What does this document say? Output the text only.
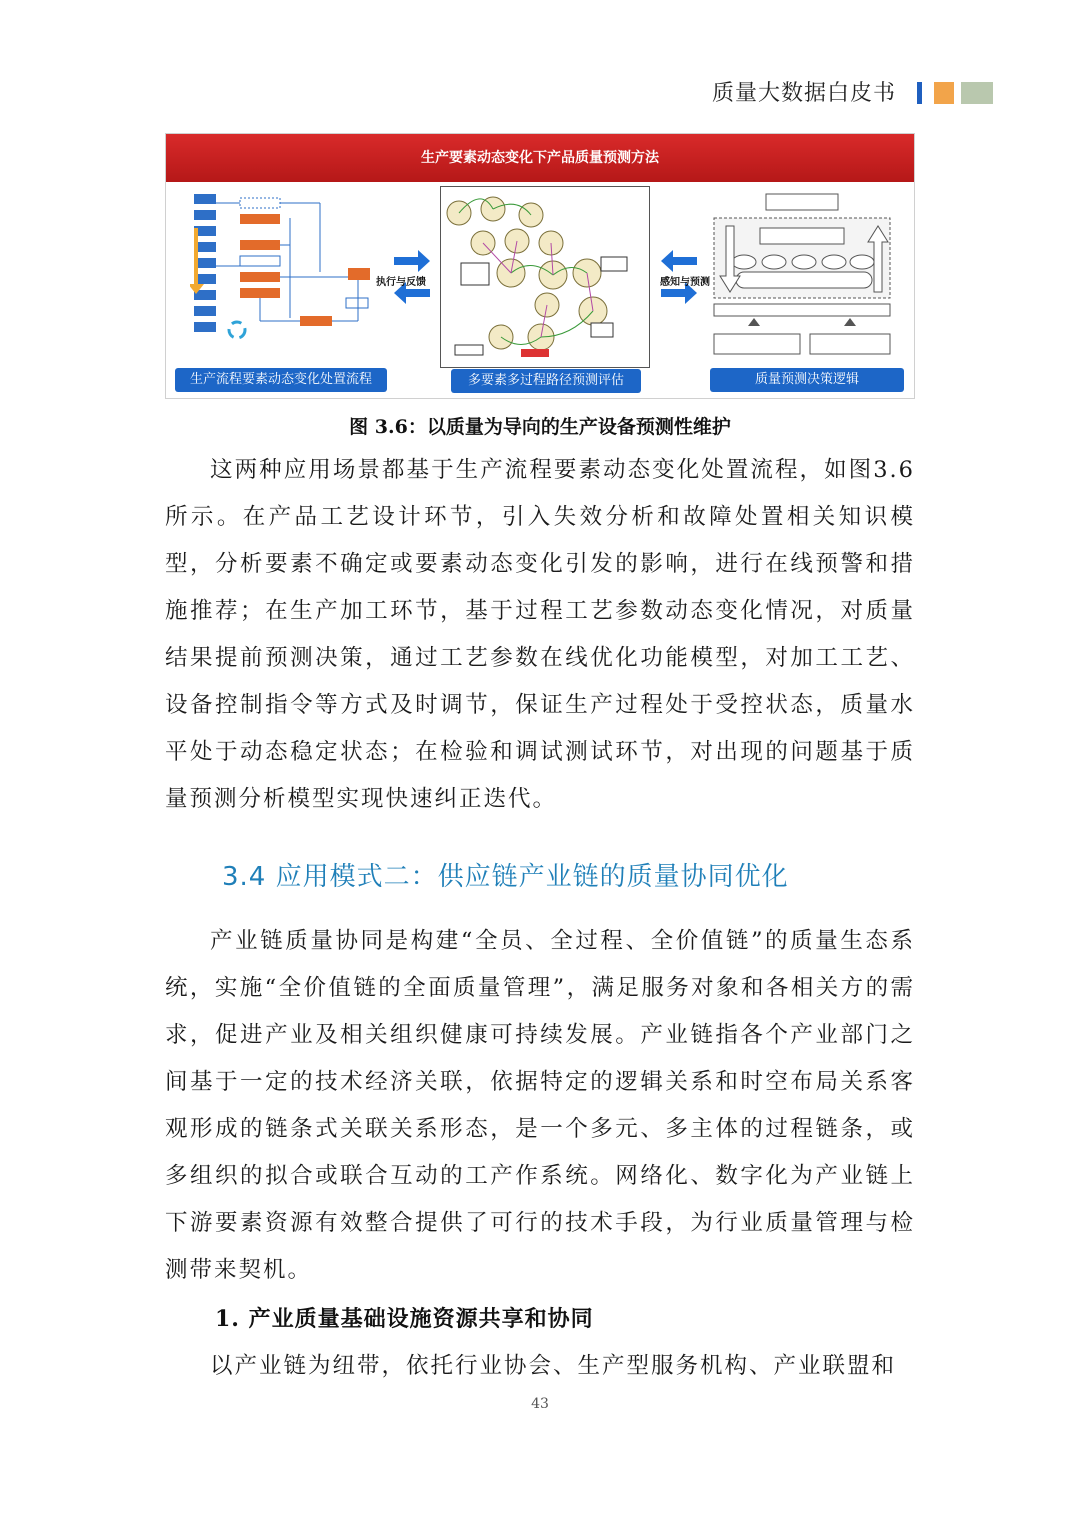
质量大数据白皮书
生产要素动态变化下产品质量预测方法
生产流程要素动态变化处置流程
执行与反馈
多要素多过程路径预测评估
感知与预测
质量预测决策逻辑
图 3.6：以质量为导向的生产设备预测性维护

这两种应用场景都基于生产流程要素动态变化处置流程，如图3.6所示。在产品工艺设计环节，引入失效分析和故障处置相关知识模型，分析要素不确定或要素动态变化引发的影响，进行在线预警和措施推荐；在生产加工环节，基于过程工艺参数动态变化情况，对质量结果提前预测决策，通过工艺参数在线优化功能模型，对加工工艺、设备控制指令等方式及时调节，保证生产过程处于受控状态，质量水平处于动态稳定状态；在检验和调试测试环节，对出现的问题基于质量预测分析模型实现快速纠正迭代。

3.4 应用模式二：供应链产业链的质量协同优化

产业链质量协同是构建“全员、全过程、全价值链”的质量生态系统，实施“全价值链的全面质量管理”，满足服务对象和各相关方的需求，促进产业及相关组织健康可持续发展。产业链指各个产业部门之间基于一定的技术经济关联，依据特定的逻辑关系和时空布局关系客观形成的链条式关联关系形态，是一个多元、多主体的过程链条，或多组织的拟合或联合互动的工产作系统。网络化、数字化为产业链上下游要素资源有效整合提供了可行的技术手段，为行业质量管理与检测带来契机。

1. 产业质量基础设施资源共享和协同

以产业链为纽带，依托行业协会、生产型服务机构、产业联盟和

43
